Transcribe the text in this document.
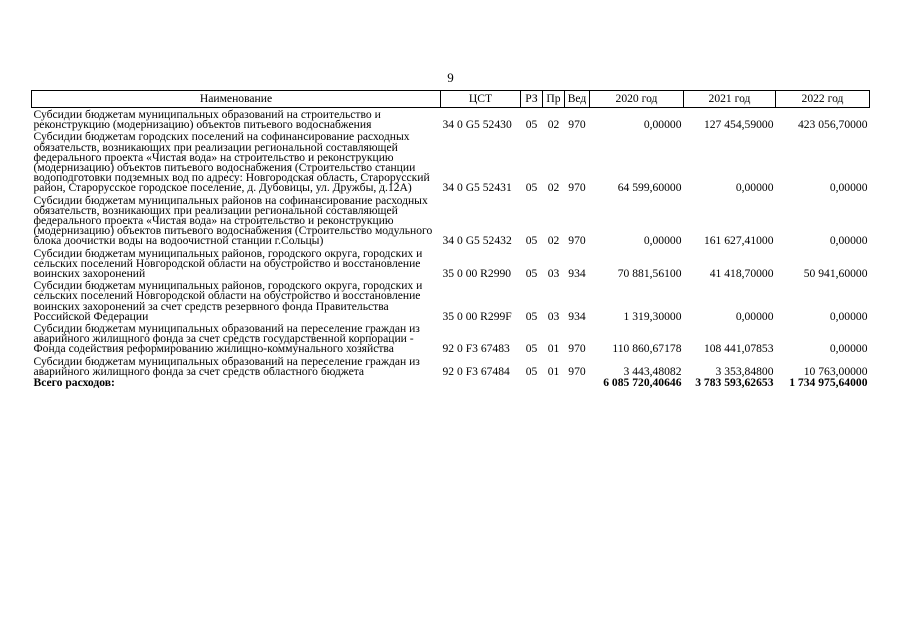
9
Наименование	ЦСТ	РЗ	Пр	Вед	2020 год	2021 год	2022 год
Субсидии бюджетам муниципальных образований на строительство и реконструкцию (модернизацию) объектов питьевого водоснабжения	34 0 G5 52430	05	02	970	0,00000	127 454,59000	423 056,70000
Субсидии бюджетам городских поселений на софинансирование расходных обязательств, возникающих при реализации региональной составляющей федерального проекта «Чистая вода» на строительство и реконструкцию (модернизацию) объектов питьевого водоснабжения (Строительство станции водоподготовки подземных вод по адресу: Новгородская область, Старорусский район, Старорусское городское поселение, д. Дубовицы, ул. Дружбы, д.12А)	34 0 G5 52431	05	02	970	64 599,60000	0,00000	0,00000
Субсидии бюджетам муниципальных районов на софинансирование расходных обязательств, возникающих при реализации региональной составляющей федерального проекта «Чистая вода» на строительство и реконструкцию (модернизацию) объектов питьевого водоснабжения (Строительство модульного блока доочистки воды на водоочистной станции г.Сольцы)	34 0 G5 52432	05	02	970	0,00000	161 627,41000	0,00000
Субсидии бюджетам муниципальных районов, городского округа, городских и сельских поселений Новгородской области на обустройство и восстановление воинских захоронений	35 0 00 R2990	05	03	934	70 881,56100	41 418,70000	50 941,60000
Субсидии бюджетам муниципальных районов, городского округа, городских и сельских поселений Новгородской области на обустройство и восстановление воинских захоронений за счет средств резервного фонда Правительства Российской Федерации	35 0 00 R299F	05	03	934	1 319,30000	0,00000	0,00000
Субсидии бюджетам муниципальных образований на переселение граждан из аварийного жилищного фонда за счет средств государственной корпорации - Фонда содействия реформированию жилищно-коммунального хозяйства	92 0 F3 67483	05	01	970	110 860,67178	108 441,07853	0,00000
Субсидии бюджетам муниципальных образований на переселение граждан из аварийного жилищного фонда за счет средств областного бюджета	92 0 F3 67484	05	01	970	3 443,48082	3 353,84800	10 763,00000
Всего расходов:					6 085 720,40646	3 783 593,62653	1 734 975,64000
